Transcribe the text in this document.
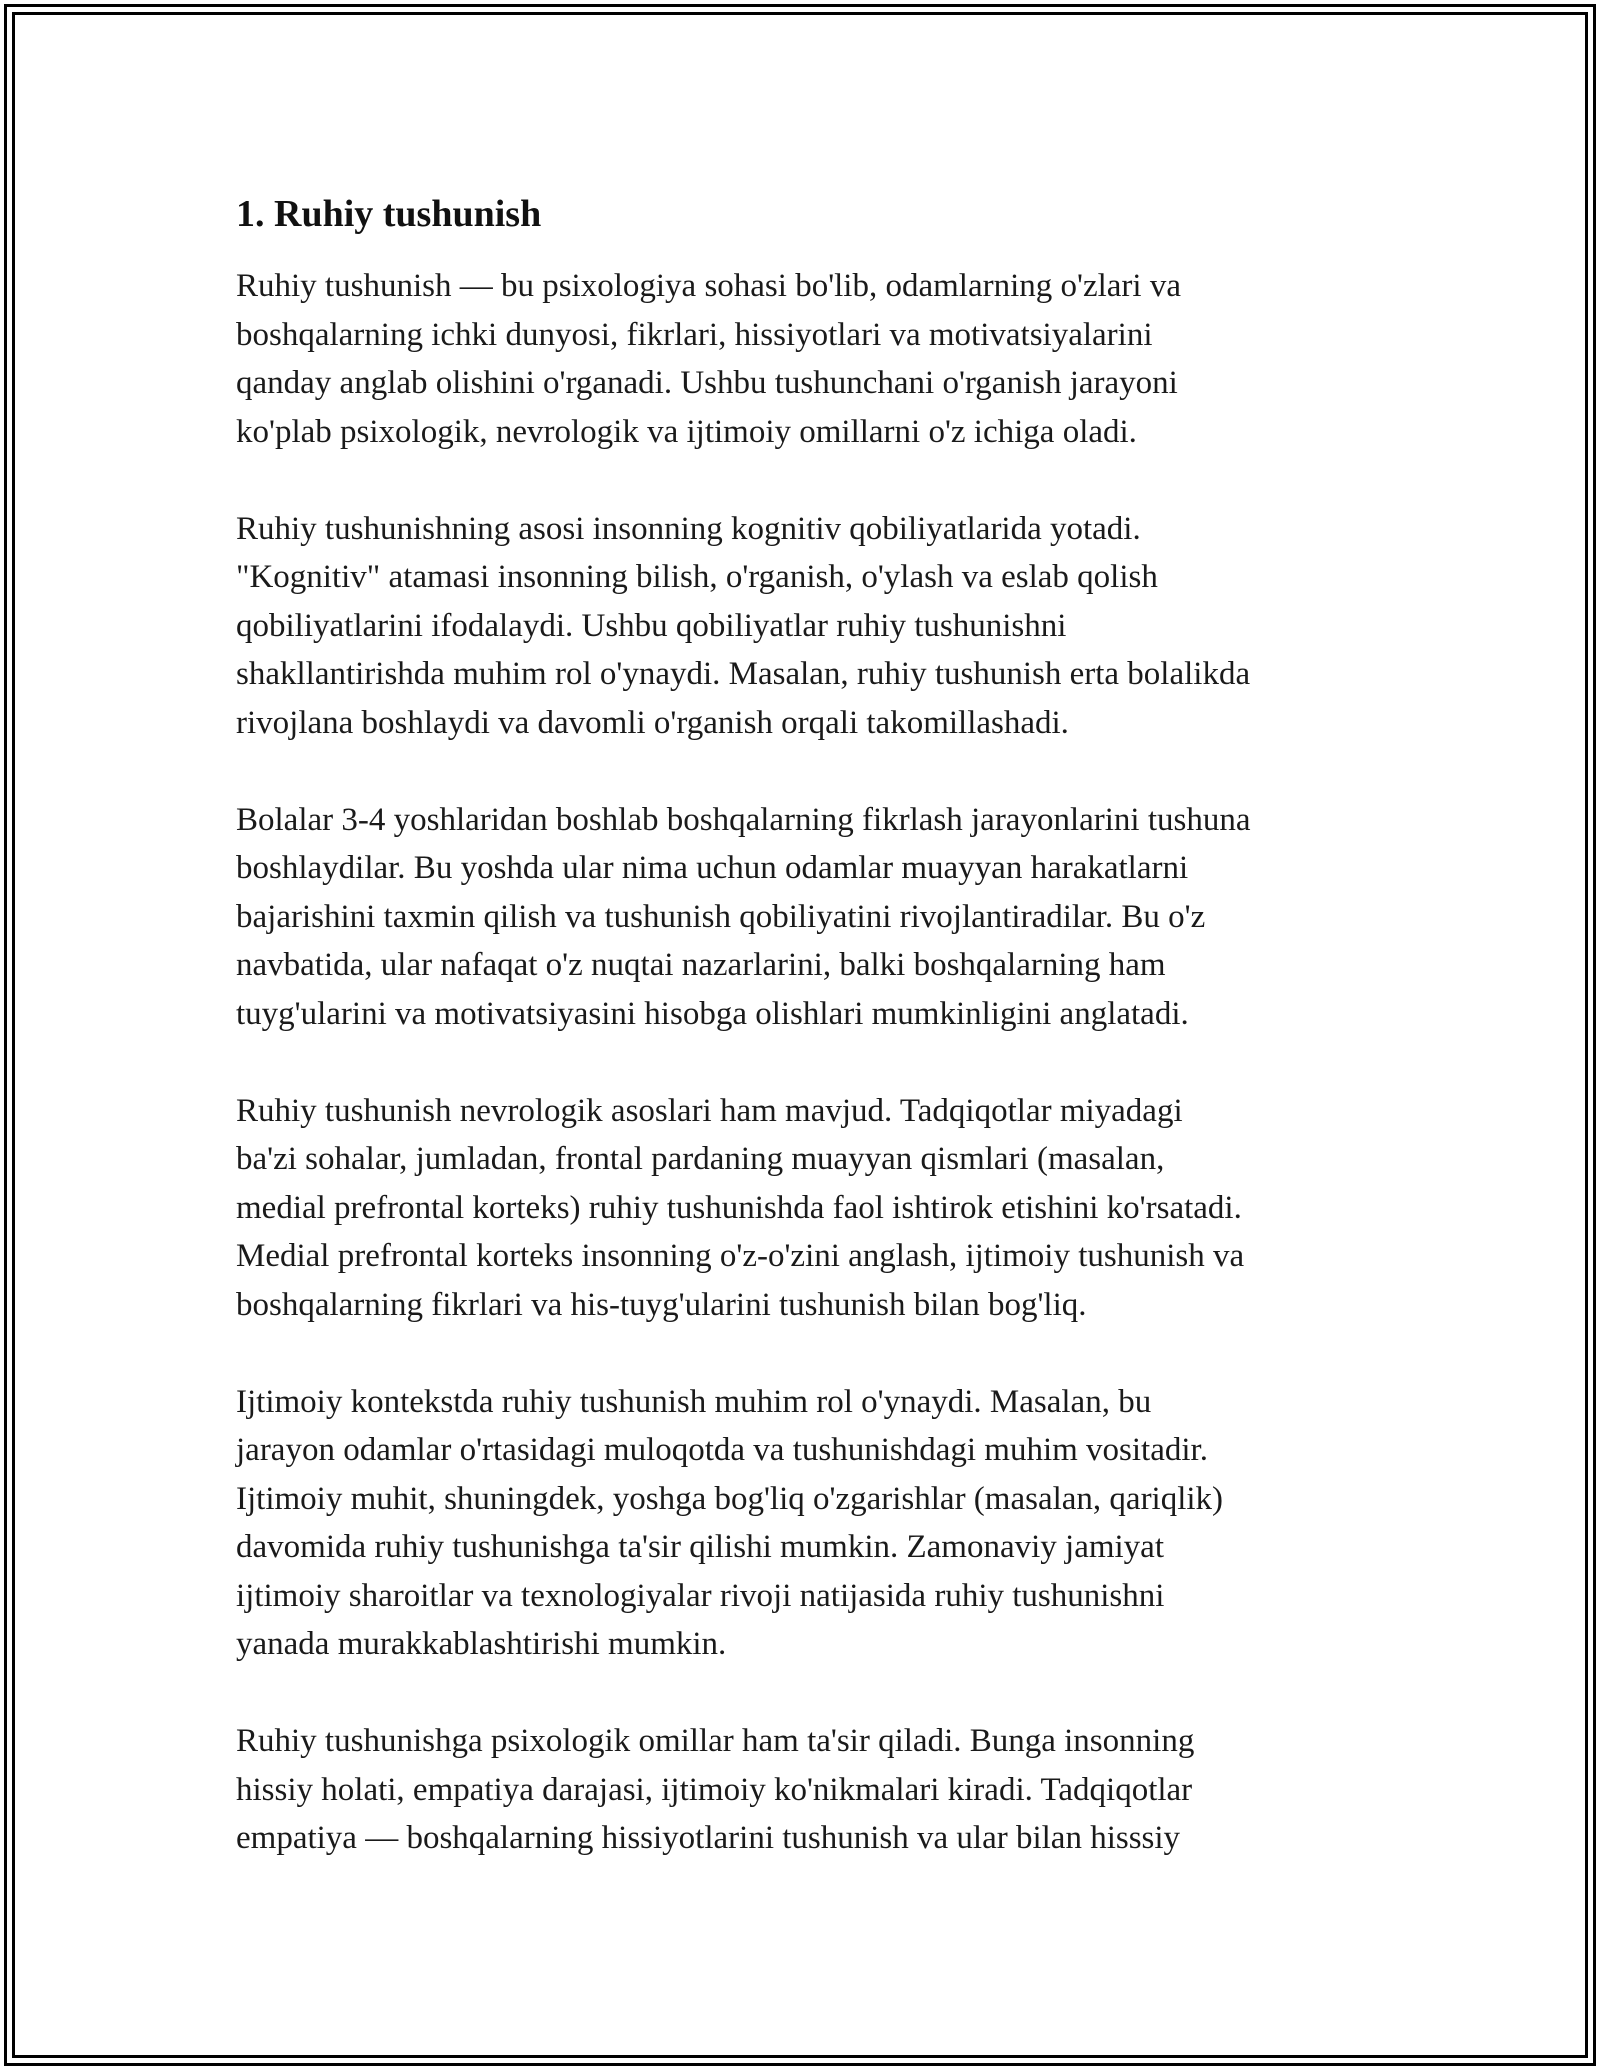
1. Ruhiy tushunish

Ruhiy tushunish — bu psixologiya sohasi bo'lib, odamlarning o'zlari va
boshqalarning ichki dunyosi, fikrlari, hissiyotlari va motivatsiyalarini
qanday anglab olishini o'rganadi. Ushbu tushunchani o'rganish jarayoni
ko'plab psixologik, nevrologik va ijtimoiy omillarni o'z ichiga oladi.

Ruhiy tushunishning asosi insonning kognitiv qobiliyatlarida yotadi.
"Kognitiv" atamasi insonning bilish, o'rganish, o'ylash va eslab qolish
qobiliyatlarini ifodalaydi. Ushbu qobiliyatlar ruhiy tushunishni
shakllantirishda muhim rol o'ynaydi. Masalan, ruhiy tushunish erta bolalikda
rivojlana boshlaydi va davomli o'rganish orqali takomillashadi.

Bolalar 3-4 yoshlaridan boshlab boshqalarning fikrlash jarayonlarini tushuna
boshlaydilar. Bu yoshda ular nima uchun odamlar muayyan harakatlarni
bajarishini taxmin qilish va tushunish qobiliyatini rivojlantiradilar. Bu o'z
navbatida, ular nafaqat o'z nuqtai nazarlarini, balki boshqalarning ham
tuyg'ularini va motivatsiyasini hisobga olishlari mumkinligini anglatadi.

Ruhiy tushunish nevrologik asoslari ham mavjud. Tadqiqotlar miyadagi
ba'zi sohalar, jumladan, frontal pardaning muayyan qismlari (masalan,
medial prefrontal korteks) ruhiy tushunishda faol ishtirok etishini ko'rsatadi.
Medial prefrontal korteks insonning o'z-o'zini anglash, ijtimoiy tushunish va
boshqalarning fikrlari va his-tuyg'ularini tushunish bilan bog'liq.

Ijtimoiy kontekstda ruhiy tushunish muhim rol o'ynaydi. Masalan, bu
jarayon odamlar o'rtasidagi muloqotda va tushunishdagi muhim vositadir.
Ijtimoiy muhit, shuningdek, yoshga bog'liq o'zgarishlar (masalan, qariqlik)
davomida ruhiy tushunishga ta'sir qilishi mumkin. Zamonaviy jamiyat
ijtimoiy sharoitlar va texnologiyalar rivoji natijasida ruhiy tushunishni
yanada murakkablashtirishi mumkin.

Ruhiy tushunishga psixologik omillar ham ta'sir qiladi. Bunga insonning
hissiy holati, empatiya darajasi, ijtimoiy ko'nikmalari kiradi. Tadqiqotlar
empatiya — boshqalarning hissiyotlarini tushunish va ular bilan hisssiy
